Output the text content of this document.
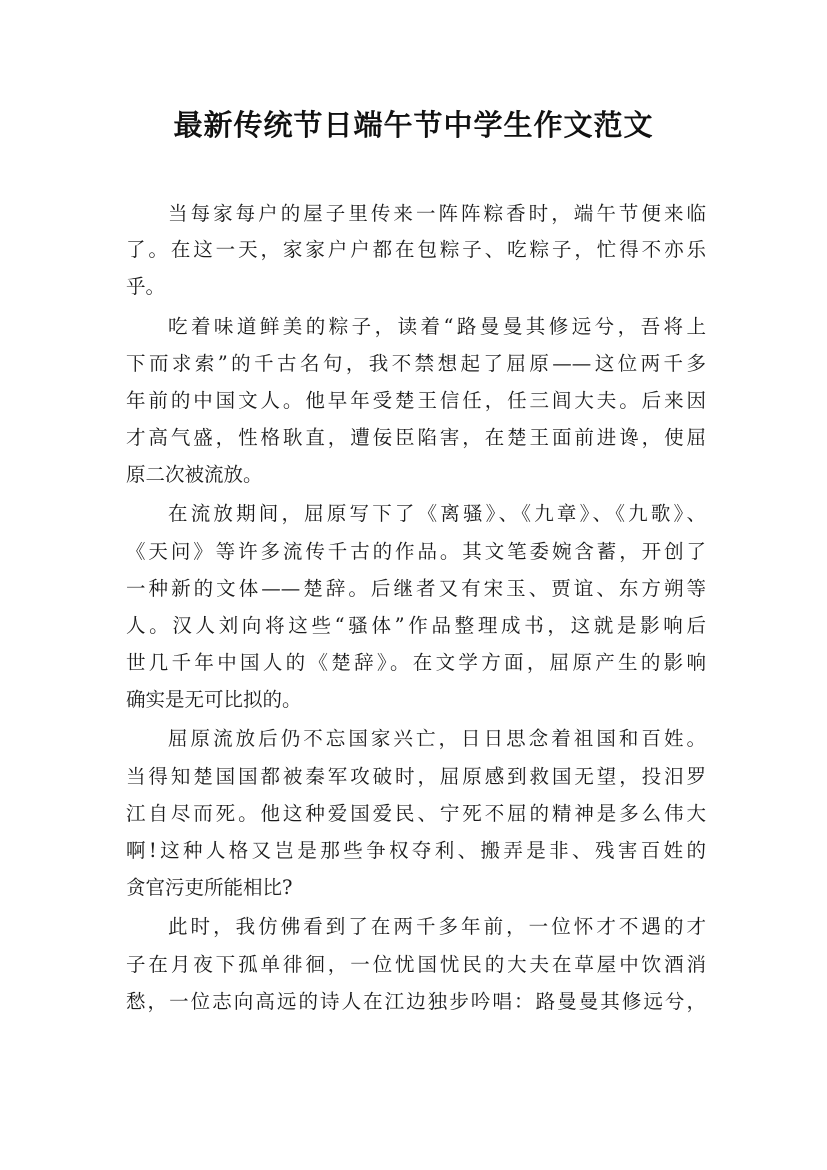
最新传统节日端午节中学生作文范文
当每家每户的屋子里传来一阵阵粽香时，端午节便来临
了。在这一天，家家户户都在包粽子、吃粽子，忙得不亦乐
乎。
吃着味道鲜美的粽子，读着“路曼曼其修远兮，吾将上
下而求索”的千古名句，我不禁想起了屈原——这位两千多
年前的中国文人。他早年受楚王信任，任三闾大夫。后来因
才高气盛，性格耿直，遭佞臣陷害，在楚王面前进谗，使屈
原二次被流放。
在流放期间，屈原写下了《离骚》、《九章》、《九歌》、
《天问》等许多流传千古的作品。其文笔委婉含蓄，开创了
一种新的文体——楚辞。后继者又有宋玉、贾谊、东方朔等
人。汉人刘向将这些“骚体”作品整理成书，这就是影响后
世几千年中国人的《楚辞》。在文学方面，屈原产生的影响
确实是无可比拟的。
屈原流放后仍不忘国家兴亡，日日思念着祖国和百姓。
当得知楚国国都被秦军攻破时，屈原感到救国无望，投汨罗
江自尽而死。他这种爱国爱民、宁死不屈的精神是多么伟大
啊!这种人格又岂是那些争权夺利、搬弄是非、残害百姓的
贪官污吏所能相比?
此时，我仿佛看到了在两千多年前，一位怀才不遇的才
子在月夜下孤单徘徊，一位忧国忧民的大夫在草屋中饮酒消
愁，一位志向高远的诗人在江边独步吟唱：路曼曼其修远兮，
